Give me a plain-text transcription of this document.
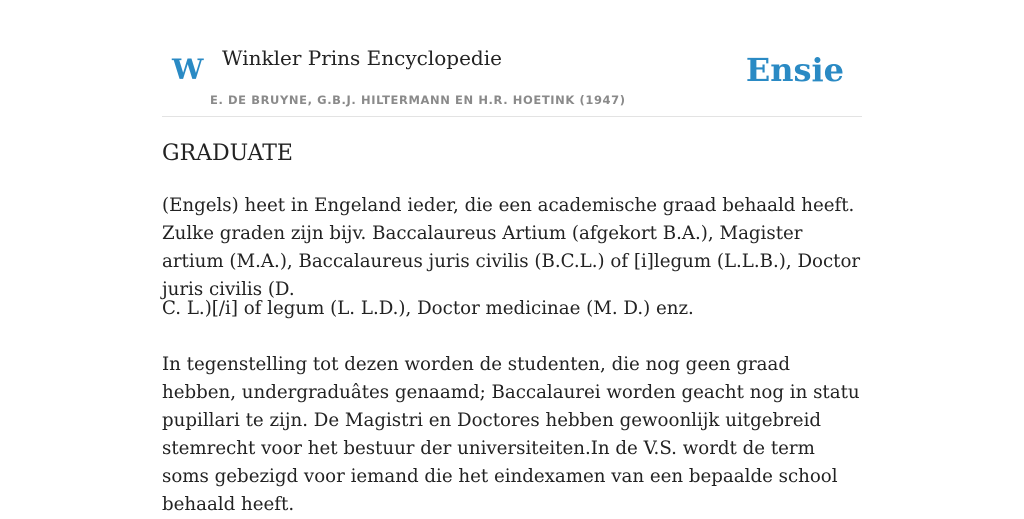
W Winkler Prins Encyclopedie
E. DE BRUYNE, G.B.J. HILTERMANN EN H.R. HOETINK (1947)
Ensie
GRADUATE

(Engels) heet in Engeland ieder, die een academische graad behaald heeft. Zulke graden zijn bijv. Baccalaureus Artium (afgekort B.A.), Magister artium (M.A.), Baccalaureus juris civilis (B.C.L.) of [i]legum (L.L.B.), Doctor juris civilis (D.

C. L.)[/i] of legum (L. L.D.), Doctor medicinae (M. D.) enz.

In tegenstelling tot dezen worden de studenten, die nog geen graad hebben, undergraduâtes genaamd; Baccalaurei worden geacht nog in statu pupillari te zijn. De Magistri en Doctores hebben gewoonlijk uitgebreid stemrecht voor het bestuur der universiteiten.In de V.S. wordt de term soms gebezigd voor iemand die het eindexamen van een bepaalde school behaald heeft.
